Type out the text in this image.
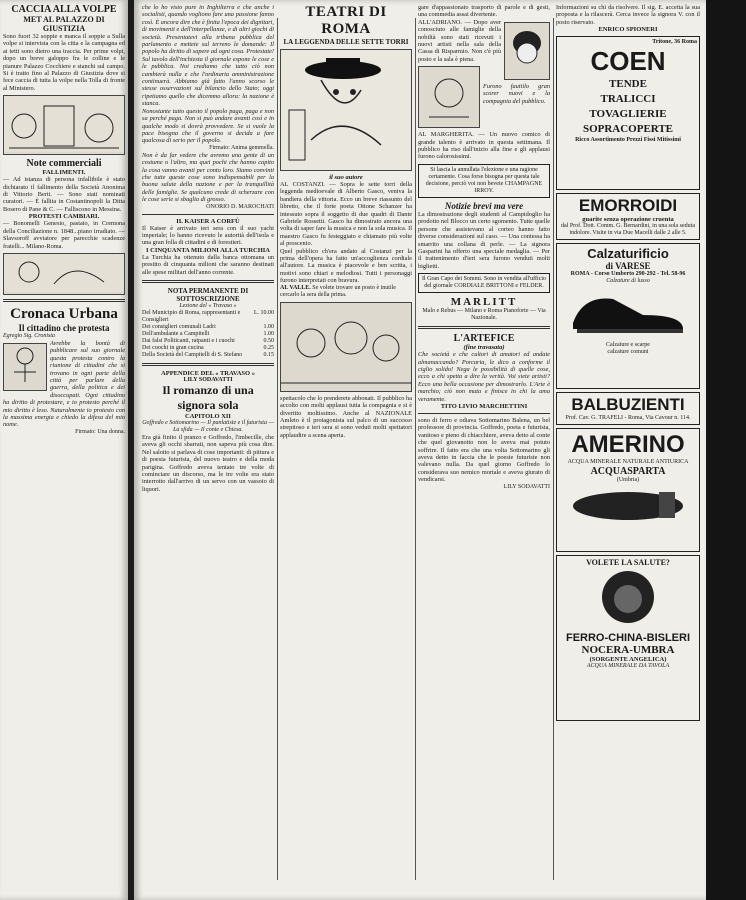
CACCIA ALLA VOLPE
MET AL PALAZZO DI GIUSTIZIA

Sono fuori 32 soppie e manca il soppie a Sulla volpe si intervista con la citta e la campagna ed ai tetti sono dietro una traccia. Per prime volpi, dopo un breve galoppo fra le colline e le pianure Palazzo Cocchiere e stanchi sul campo. Si è tratto fino al Palazzo di Giustizia dove si fece caccia di tutta la volpe nella Tolla di fronte al Ministero.

Note commerciali
FALLIMENTI.

— Ad istanza di persona infallibile è stato dichiarato il fallimento della Società Anonima di Vittorio Berti. — Sono stati nominati curatori. — È fallita in Costantinopoli la Ditta Bosero di Pane & C. — Falliscono in Messina.

PROTESTI CAMBIARI.

— Bonomelli Genesio, pastaio, in Cremona della Conciliazione n. 1848...piano irradiato. — Slavsoroff avviatore per parecchie scadenze fratelli... Milano-Roma.

Cronaca Urbana
Il cittadino che protesta
Egregio Sig. Cronista

Avrebbe la bontà di pubblicare sul suo giornale questa protesta contro la riunione di cittadini che si trovano in ogni parte della città per parlare della guerra, della politica e dei disoccupati. Ogni cittadino ha diritto di protestare, e io protesto perché il mio diritto è leso. Naturalmente io protesto con la massima energia e chiedo la difesa del mio nome.

Firmato: Una donna.

che lo ho visto pure in Inghilterra e che anche i socialisti, quando vogliono fare una passione fanno così. È ancora dire che è finita l'epoca dei dignitari, di movimenti e dell'interpellanze, e di altri giochi di società. Presentatevi alla tribuna pubblica del parlamento e mettete sul terreno le domande: Il popolo ha diritto di sapere ad ogni cosa. Protestate! Sul tavolo dell'inchiesta il giornale espone le cose e le pubblica. Noi crediamo che tutto ciò non cambierà nulla e che l'ordinaria amministrazione continuerà. Abbiamo già fatto l'anno scorso le stesse osservazioni sul bilancio dello Stato; oggi ripetiamo quello che dicemmo allora: la nazione è stanca.

Nonostante tutto questo il popolo paga, paga e non sa perché paga. Non si può andare avanti così e in qualche modo si dovrà provvedere. Se si vuole la pace bisogna che il governo si decida a fare qualcosa di serio per il popolo.

Firmato: Anima gemmella.

Non è da far vedere che avremo una gente di un costume o l'altro, ma quei pochi che hanno capito la cosa vanno avanti per conto loro. Siamo convinti che tutte queste cose sono indispensabili per la buona salute della nazione e per la tranquillità delle famiglie. Se qualcuno crede di scherzare con le cose serie si sbaglia di grosso.

ONORIO D. MAROCHATI
IL KAISER A CORFÙ

Il Kaiser è arrivato ieri sera con il suo yacht imperiale; lo hanno ricevuto le autorità dell'isola e una gran folla di cittadini e di forestieri.

I CINQUANTA MILIONI ALLA TURCHIA

La Turchia ha ottenuto dalla banca ottomana un prestito di cinquanta milioni che saranno destinati alle spese militari dell'anno corrente.

NOTA PERMANENTE DI SOTTOSCRIZIONE
Lezione del « Travaso »
Del Municipio di Roma, rappresentanti e Consiglieri
L. 10.00
Dei consiglieri comunali Ladri	1.00
Dell'ambulante a Campitelli	1.00
Dai falsi Politicanti, ratpanti e i cuochi	0.50
Dei cuochi in gran cucina	0.25
Della Società del Campitelli di S. Stefano	0.15
APPENDICE DEL « TRAVASO »
LILY SODAVATTI
Il romanzo di una signora sola
CAPITOLO XII
Goffredo e Sottomarino — Il panlatiste e il futurista — La sfida — Il conte e Chiesa.

Era già finito il pranzo e Goffredo, l'imbecille, che aveva gli occhi sbarrati, non sapeva più cosa dire. Nel salotto si parlava di cose importanti: di pittura e di poesia futurista, del nuovo teatro e della moda parigina. Goffredo aveva tentato tre volte di cominciare un discorso, ma le tre volte era stato interrotto dall'arrivo di un servo con un vassoio di liquori.

TEATRI DI ROMA
LA LEGGENDA DELLE SETTE TORRI
il suo autore

AL COSTANZI. — Sopra le sette torri della leggenda medioevale di Alberto Gasco, veniva la bandiera della vittoria. Ecco un breve riassunto del libretto, che il forte poeta Ottone Schanzer ha intessuto sopra il soggetto di due quadri di Dante Gabriele Rossetti. Gasco ha dimostrato ancora una volta di saper fare la musica e non la sola musica. Il maestro Gasco fu festeggiato e chiamato più volte al proscenio.

Quel pubblico ch'era andato al Costanzi per la prima dell'opera ha fatto un'accoglienza cordiale all'autore. La musica è piacevole e ben scritta, i motivi sono chiari e melodiosi. Tutti i personaggi furono interpretati con bravura.

AL VALLE. Se volete trovare un posto è inutile cercarlo la sera della prima.

spettacolo che lo prenderete abbonati. Il pubblico ha accolto con molti applausi tutta la compagnia e si è divertito moltissimo. Anche al NAZIONALE Amleto è il protagonista sul palco di un successo strepitoso e ieri sera si sono veduti molti spettatori applaudire a scena aperta.

gare d'appassionato trasporto di parole e di gesti, una commedia assai divertente.

ALL'ADRIANO. — Dopo aver conosciuto alle famiglie della nobiltà sono stati ricevuti i nuovi artisti nella sala della Cassa di Risparmio. Non c'è più posto e la sala è piena.

Furono fautiilo gran scorer nuovi e la compagnia del pubblico.

AL MARGHERITA. — Un nuovo comico di grande talento è arrivato in questa settimana. Il pubblico ha riso dall'inizio alla fine e gli applausi furono calorosissimi.

Si lascia la annullata l'elezione e una ragione certamente. Cosa forse bisogna per questa tale decisione, perciò voi non bevete CHAMPAGNE IRROY.
Notizie brevi ma vere

La dimostrazione degli studenti al Campidoglio ha prodotto nel Blocco un certo sgomento. Tutte quelle persone che assistevano al corteo hanno fatto diverse considerazioni sul caso. — Una contessa ha smarrito una collana di perle. — La signora Gasparini ha offerto una speciale medaglia. — Per il trattenimento d'ieri sera furono venduti molti biglietti.

Il Gran Capo dei Sommi. Sono in vendita all'ufficio del giornale CORDIALE BRITTONI e FELDER.
MARLITT
Malo e Rebus — Milano e Roma Pianoforte — Via Nazionale.
L'ARTEFICE
(fine travasata)

Che società e che cultori di amatori ed andate almanaccando? Porcaria, le dico a conforme il ciglio solido! Nega le possibilità di quelle cose, ecco a chi spetta a dire la verità. Voi siete artisti? Ecco una bella occasione per dimostrarlo. L'Arte è marchio; ciò non muta e finisce in chi la ama veramente.

TITO LIVIO MARCHETTINI

sono di ferro e odiava Sottomarino Balena, un bel professore di provincia. Goffredo, poeta e futurista, vanitoso e pieno di chiacchiere, aveva detto al conte che quel giovanotto non lo aveva mai potuto soffrire. Il fatto era che una volta Sottomarino gli aveva detto in faccia che le poesie futuriste non valevano nulla. Da quel giorno Goffredo lo considerava suo nemico mortale e aveva giurato di vendicarsi.

LILY SODAVATTI

Informazioni su chi da risolvere. Il sig. E. accetta la sua proposta e la rilascerà. Cerca invece la signora V. con il posto riservato.

ENRICO SPIONERI
Tritone, 36 Roma
COEN
TENDE
TRALICCI
TOVAGLIERIE
SOPRACOPERTE
Ricco Assortimento Prezzi Fissi Mitissimi
EMORROIDI
guarite senza operazione cruenta
dal Prof. Dott. Comm. G. Bernardini, in una sola seduta indolore. Visite in via Due Macelli dalle 2 alle 5.
Calzaturificio
di VARESE
ROMA - Corso Umberto 290-292 - Tel. 58-96
Calzature di lusso
Calzature e scarpe
calzature comuni
BALBUZIENTI
Prof. Cav. G. TRAFELI - Roma, Via Cavour n. 114.
AMERINO
ACQUA MINERALE NATURALE ANTIURICA
ACQUASPARTA
(Umbria)
VOLETE LA SALUTE?
FERRO-CHINA-BISLERI
NOCERA-UMBRA
(SORGENTE ANGELICA)
ACQUA MINERALE DA TAVOLA
